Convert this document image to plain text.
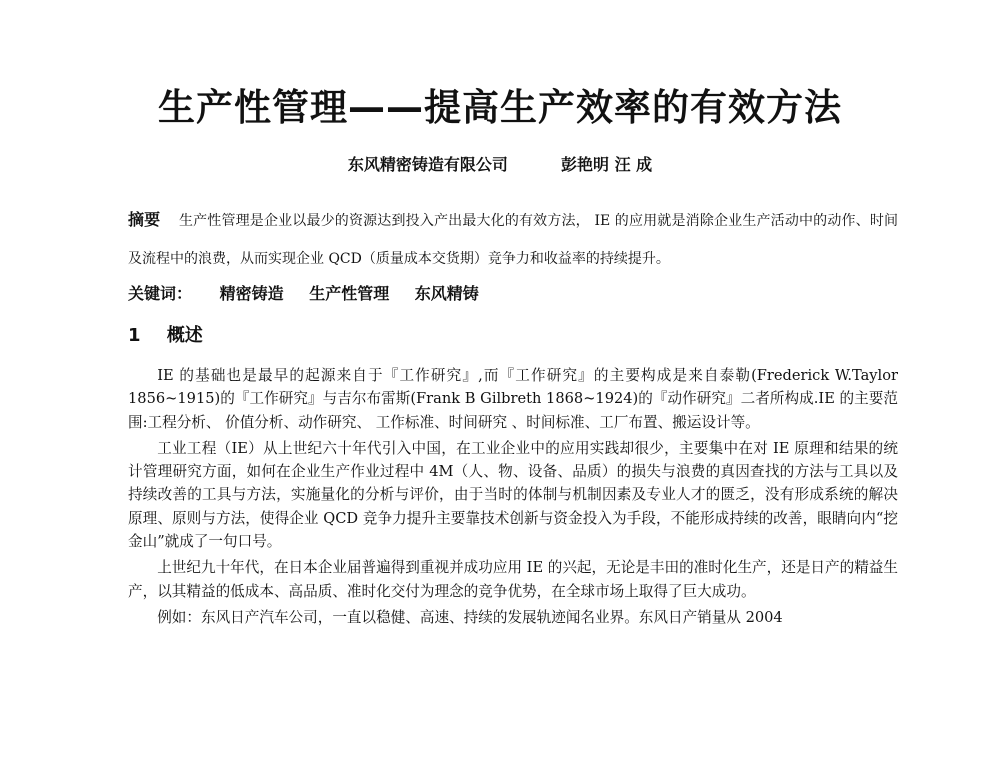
生产性管理——提高生产效率的有效方法
东风精密铸造有限公司	彭艳明 汪 成
摘要 生产性管理是企业以最少的资源达到投入产出最大化的有效方法， IE 的应用就是消除企业生产活动中的动作、时间及流程中的浪费，从而实现企业 QCD（质量成本交货期）竞争力和收益率的持续提升。
关键词： 精密铸造 生产性管理 东风精铸
1 概述

IE 的基础也是最早的起源来自于『工作研究』,而『工作研究』的主要构成是来自泰勒(Frederick W.Taylor 1856~1915)的『工作研究』与吉尔布雷斯(Frank B Gilbreth 1868~1924)的『动作研究』二者所构成.IE 的主要范围:工程分析、 价值分析、动作研究、 工作标准、时间研究 、时间标准、工厂布置、搬运设计等。

工业工程（IE）从上世纪六十年代引入中国，在工业企业中的应用实践却很少，主要集中在对 IE 原理和结果的统计管理研究方面，如何在企业生产作业过程中 4M（人、物、设备、品质）的损失与浪费的真因查找的方法与工具以及持续改善的工具与方法，实施量化的分析与评价，由于当时的体制与机制因素及专业人才的匮乏，没有形成系统的解决原理、原则与方法，使得企业 QCD 竞争力提升主要靠技术创新与资金投入为手段，不能形成持续的改善，眼睛向内“挖金山”就成了一句口号。

上世纪九十年代，在日本企业届普遍得到重视并成功应用 IE 的兴起，无论是丰田的准时化生产，还是日产的精益生产，以其精益的低成本、高品质、准时化交付为理念的竞争优势，在全球市场上取得了巨大成功。

例如：东风日产汽车公司，一直以稳健、高速、持续的发展轨迹闻名业界。东风日产销量从 2004
